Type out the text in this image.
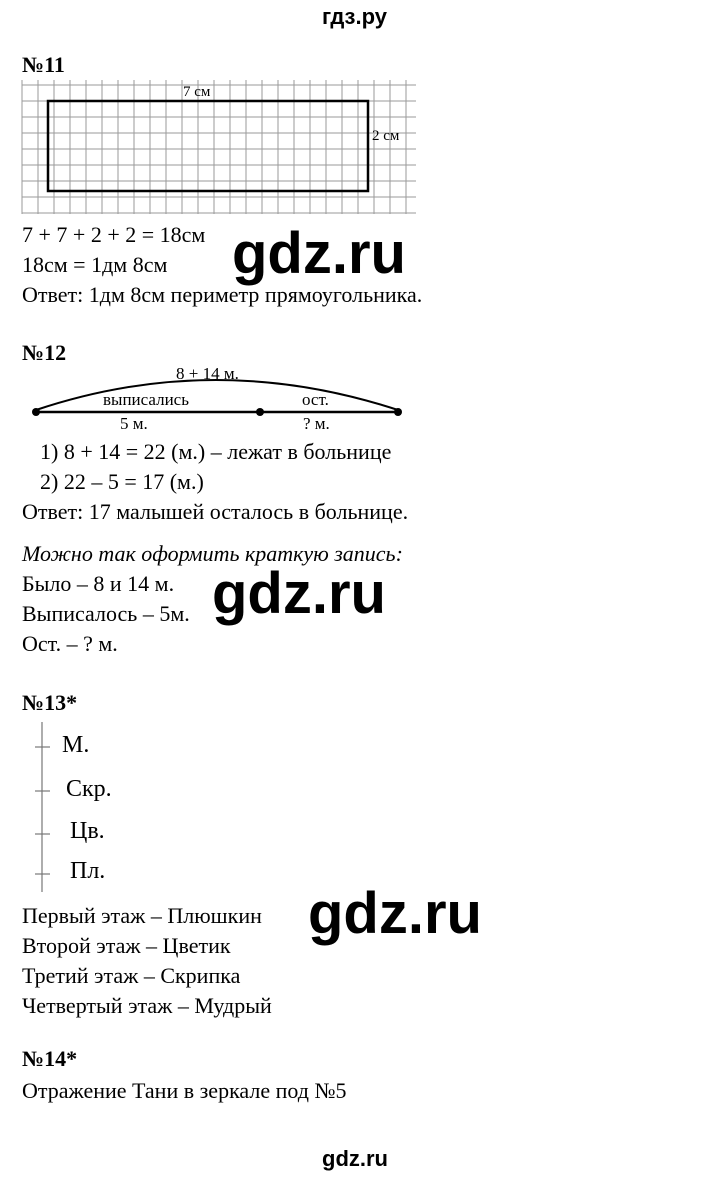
гдз.ру
№11
7 см
2 см
7 + 7 + 2 + 2 = 18см
18см = 1дм 8см
Ответ: 1дм 8см периметр прямоугольника.
gdz.ru
№12
8 + 14 м.
выписались	ост.
5 м.	? м.
1) 8 + 14 = 22 (м.) – лежат в больнице
2) 22 – 5 = 17 (м.)
Ответ: 17 малышей осталось в больнице.
Можно так оформить краткую запись:
Было – 8 и 14 м.
Выписалось – 5м.
Ост. – ? м.
gdz.ru
№13*
М.
Скр.
Цв.
Пл.
Первый этаж – Плюшкин
Второй этаж – Цветик
Третий этаж – Скрипка
Четвертый этаж – Мудрый
gdz.ru
№14*
Отражение Тани в зеркале под №5
gdz.ru
